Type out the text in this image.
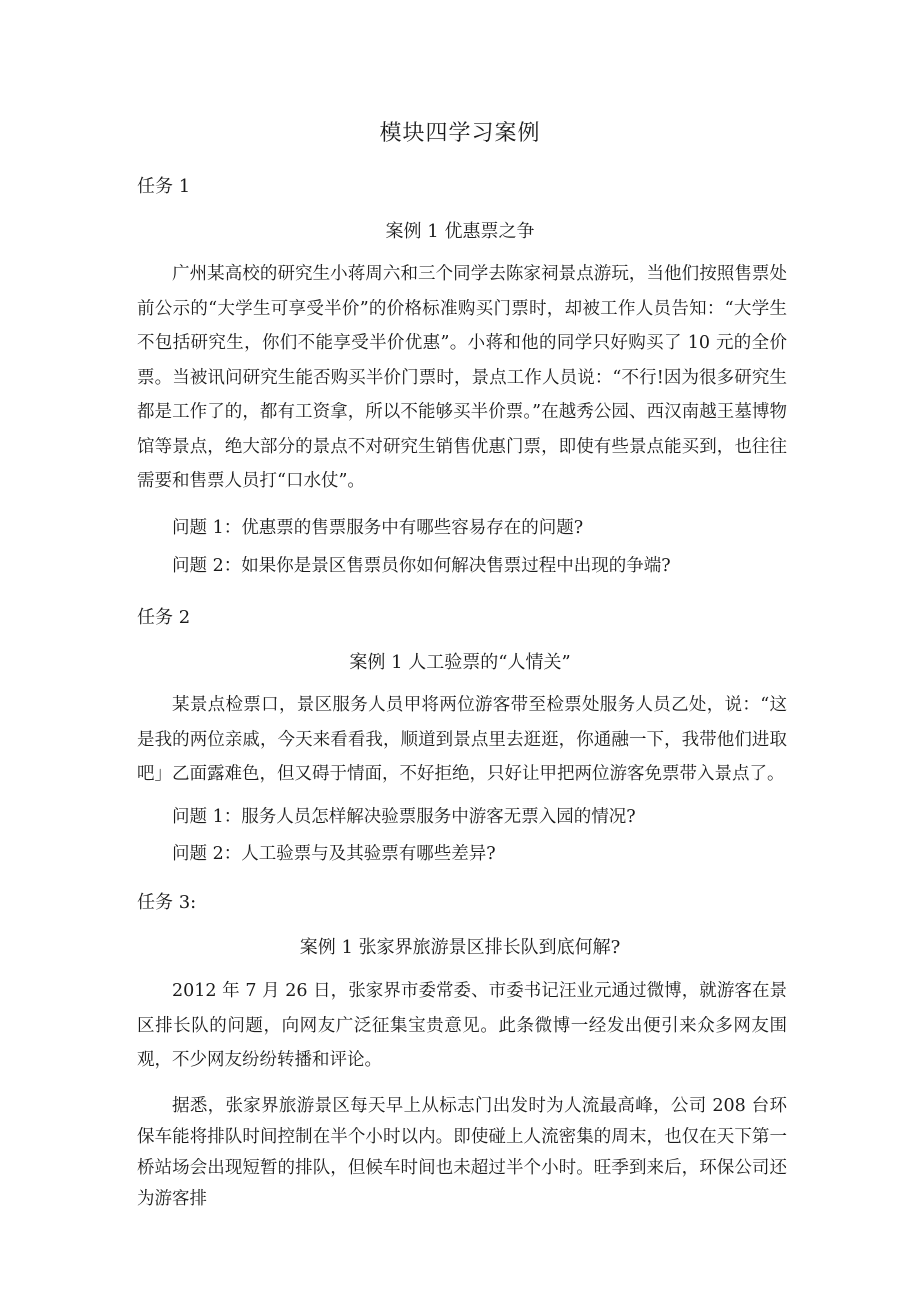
模块四学习案例
任务 1
案例 1 优惠票之争

广州某高校的研究生小蒋周六和三个同学去陈家祠景点游玩，当他们按照售票处前公示的“大学生可享受半价”的价格标准购买门票时，却被工作人员告知：“大学生不包括研究生，你们不能享受半价优惠”。小蒋和他的同学只好购买了 10 元的全价票。当被讯问研究生能否购买半价门票时，景点工作人员说：“不行!因为很多研究生都是工作了的，都有工资拿，所以不能够买半价票。”在越秀公园、西汉南越王墓博物馆等景点，绝大部分的景点不对研究生销售优惠门票，即使有些景点能买到，也往往需要和售票人员打“口水仗”。

问题 1：优惠票的售票服务中有哪些容易存在的问题?
问题 2：如果你是景区售票员你如何解决售票过程中出现的争端?
任务 2
案例 1 人工验票的“人情关”

某景点检票口，景区服务人员甲将两位游客带至检票处服务人员乙处，说：“这是我的两位亲戚，今天来看看我，顺道到景点里去逛逛，你通融一下，我带他们进取吧」乙面露难色，但又碍于情面，不好拒绝，只好让甲把两位游客免票带入景点了。

问题 1：服务人员怎样解决验票服务中游客无票入园的情况?
问题 2：人工验票与及其验票有哪些差异?
任务 3:
案例 1 张家界旅游景区排长队到底何解?

2012 年 7 月 26 日，张家界市委常委、市委书记汪业元通过微博，就游客在景区排长队的问题，向网友广泛征集宝贵意见。此条微博一经发出便引来众多网友围观，不少网友纷纷转播和评论。

据悉，张家界旅游景区每天早上从标志门出发时为人流最高峰，公司 208 台环保车能将排队时间控制在半个小时以内。即使碰上人流密集的周末，也仅在天下第一桥站场会出现短暂的排队，但候车时间也未超过半个小时。旺季到来后，环保公司还为游客排
